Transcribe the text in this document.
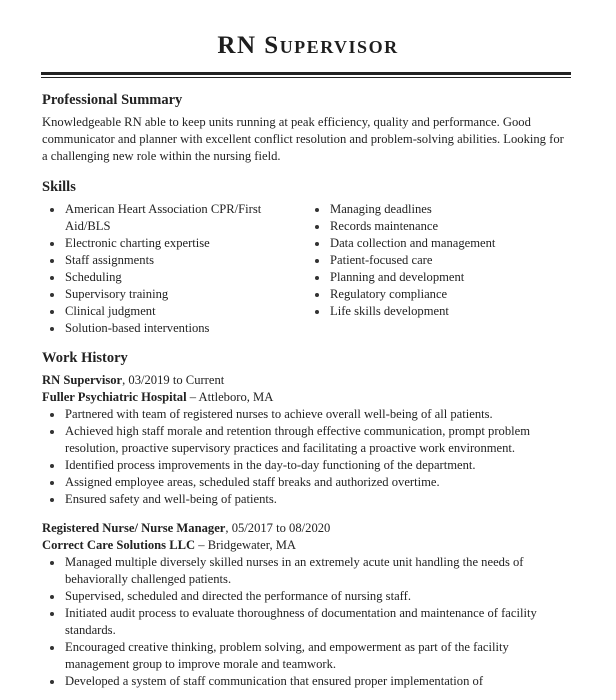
RN SUPERVISOR
Professional Summary

Knowledgeable RN able to keep units running at peak efficiency, quality and performance. Good communicator and planner with excellent conflict resolution and problem-solving abilities. Looking for a challenging new role within the nursing field.

Skills
American Heart Association CPR/First Aid/BLS
Electronic charting expertise
Staff assignments
Scheduling
Supervisory training
Clinical judgment
Solution-based interventions
Managing deadlines
Records maintenance
Data collection and management
Patient-focused care
Planning and development
Regulatory compliance
Life skills development
Work History
RN Supervisor, 03/2019 to Current
Fuller Psychiatric Hospital – Attleboro, MA
Partnered with team of registered nurses to achieve overall well-being of all patients.
Achieved high staff morale and retention through effective communication, prompt problem resolution, proactive supervisory practices and facilitating a proactive work environment.
Identified process improvements in the day-to-day functioning of the department.
Assigned employee areas, scheduled staff breaks and authorized overtime.
Ensured safety and well-being of patients.
Registered Nurse/ Nurse Manager, 05/2017 to 08/2020
Correct Care Solutions LLC – Bridgewater, MA
Managed multiple diversely skilled nurses in an extremely acute unit handling the needs of behaviorally challenged patients.
Supervised, scheduled and directed the performance of nursing staff.
Initiated audit process to evaluate thoroughness of documentation and maintenance of facility standards.
Encouraged creative thinking, problem solving, and empowerment as part of the facility management group to improve morale and teamwork.
Developed a system of staff communication that ensured proper implementation of
